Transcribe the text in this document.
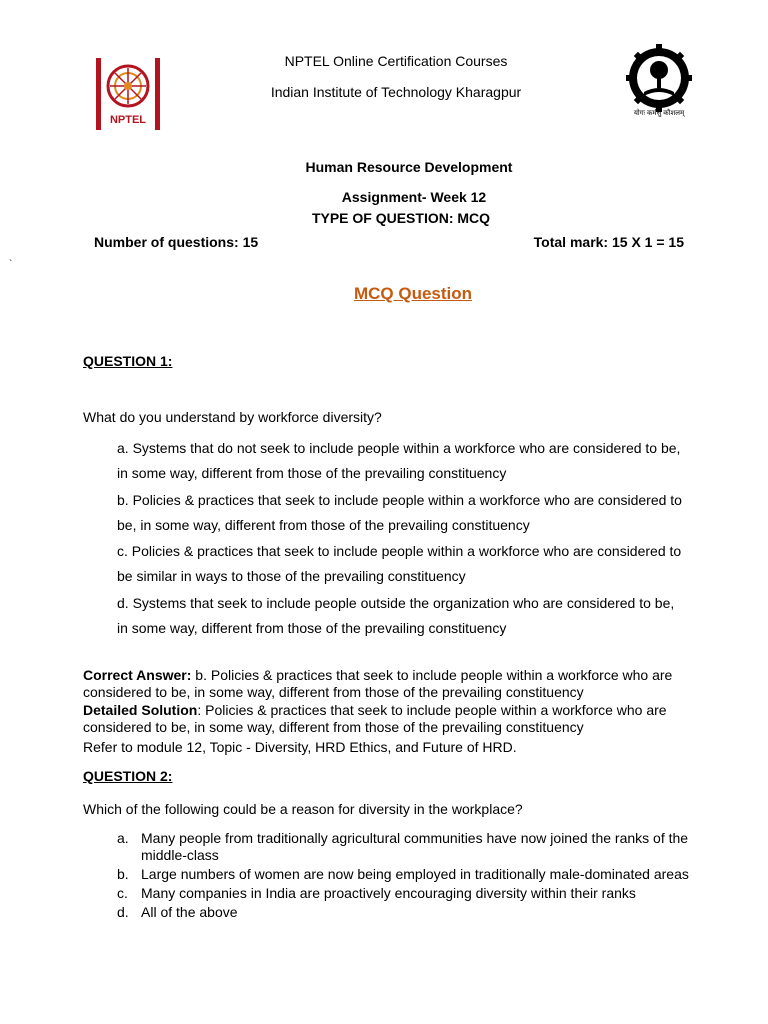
NPTEL
योगः कर्मसु कौशलम्
NPTEL Online Certification Courses
Indian Institute of Technology Kharagpur
Human Resource Development
Assignment- Week 12
TYPE OF QUESTION: MCQ
Number of questions: 15	Total mark: 15 X 1 = 15
`
MCQ Question
QUESTION 1:
What do you understand by workforce diversity?
a. Systems that do not seek to include people within a workforce who are considered to be, in some way, different from those of the prevailing constituency
b. Policies & practices that seek to include people within a workforce who are considered to be, in some way, different from those of the prevailing constituency
c. Policies & practices that seek to include people within a workforce who are considered to be similar in ways to those of the prevailing constituency
d. Systems that seek to include people outside the organization who are considered to be, in some way, different from those of the prevailing constituency
Correct Answer: b. Policies & practices that seek to include people within a workforce who are considered to be, in some way, different from those of the prevailing constituency
Detailed Solution: Policies & practices that seek to include people within a workforce who are considered to be, in some way, different from those of the prevailing constituency
Refer to module 12, Topic - Diversity, HRD Ethics, and Future of HRD.
QUESTION 2:
Which of the following could be a reason for diversity in the workplace?
a. Many people from traditionally agricultural communities have now joined the ranks of the middle-class
b. Large numbers of women are now being employed in traditionally male-dominated areas
c. Many companies in India are proactively encouraging diversity within their ranks
d. All of the above
